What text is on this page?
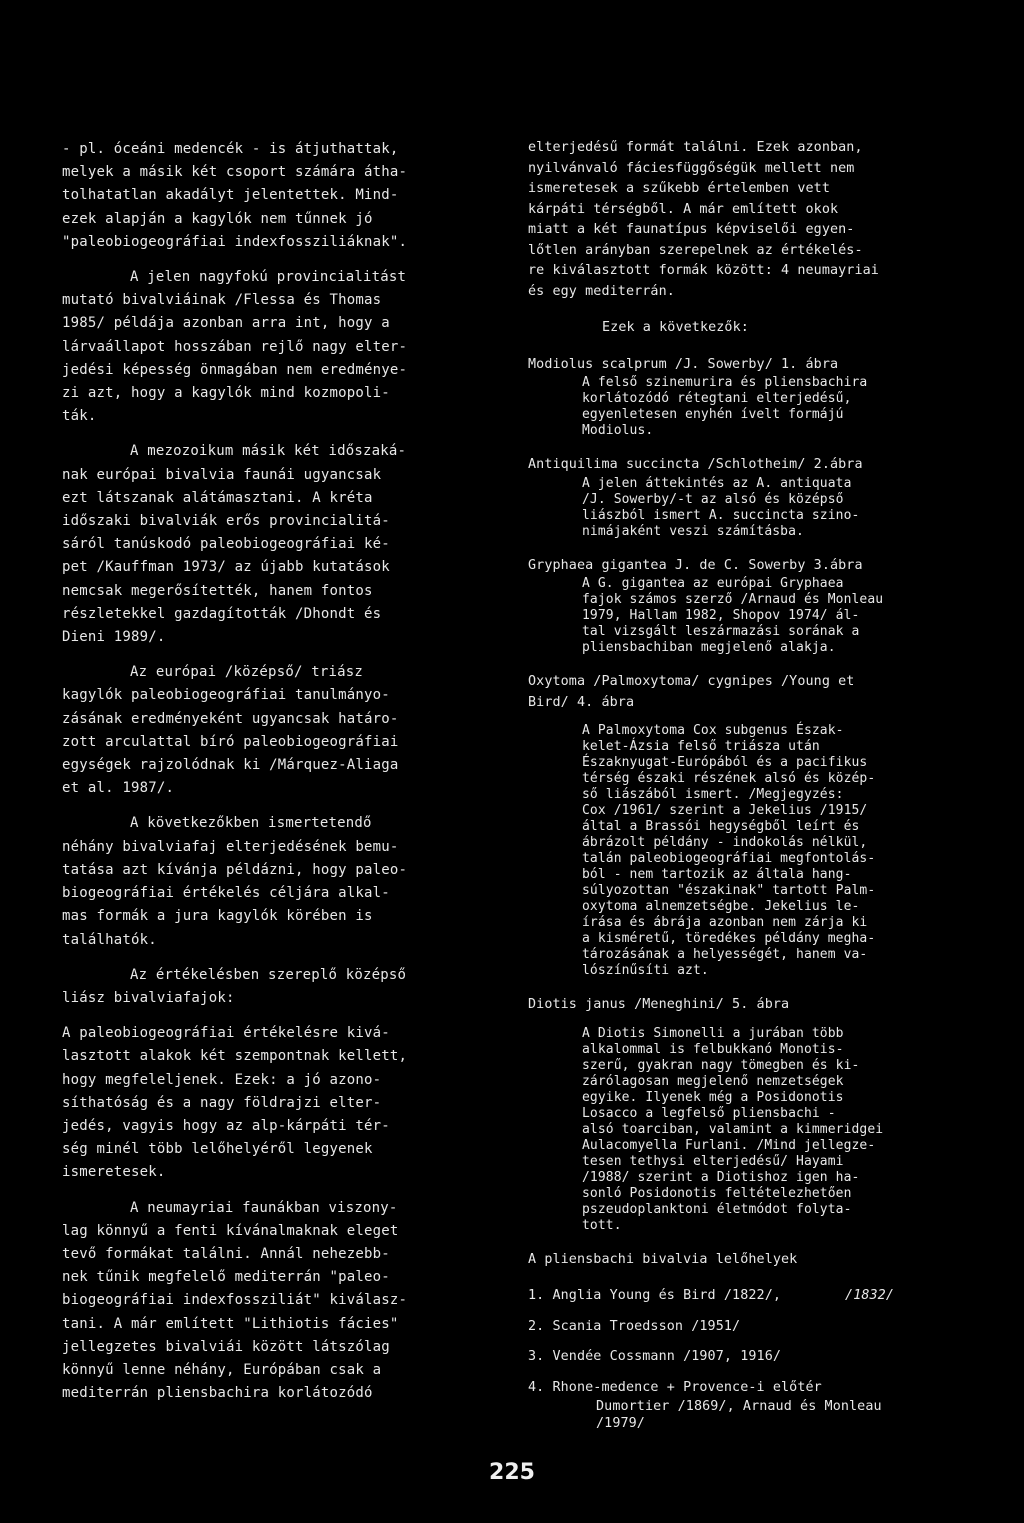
- pl. óceáni medencék - is átjuthattak,
melyek a másik két csoport számára átha-
tolhatatlan akadályt jelentettek. Mind-
ezek alapján a kagylók nem tűnnek jó
"paleobiogeográfiai indexfossziliáknak".

A jelen nagyfokú provincialitást
mutató bivalviáinak /Flessa és Thomas
1985/ példája azonban arra int, hogy a
lárvaállapot hosszában rejlő nagy elter-
jedési képesség önmagában nem eredménye-
zi azt, hogy a kagylók mind kozmopoli-
ták.

A mezozoikum másik két időszaká-
nak európai bivalvia faunái ugyancsak
ezt látszanak alátámasztani. A kréta
időszaki bivalviák erős provincialitá-
sáról tanúskodó paleobiogeográfiai ké-
pet /Kauffman 1973/ az újabb kutatások
nemcsak megerősítették, hanem fontos
részletekkel gazdagították /Dhondt és
Dieni 1989/.

Az európai /középső/ triász
kagylók paleobiogeográfiai tanulmányo-
zásának eredményeként ugyancsak határo-
zott arculattal bíró paleobiogeográfiai
egységek rajzolódnak ki /Márquez-Aliaga
et al. 1987/.

A következőkben ismertetendő
néhány bivalviafaj elterjedésének bemu-
tatása azt kívánja példázni, hogy paleo-
biogeográfiai értékelés céljára alkal-
mas formák a jura kagylók körében is
találhatók.

Az értékelésben szereplő középső
liász bivalviafajok:

A paleobiogeográfiai értékelésre kivá-
lasztott alakok két szempontnak kellett,
hogy megfeleljenek. Ezek: a jó azono-
síthatóság és a nagy földrajzi elter-
jedés, vagyis hogy az alp-kárpáti tér-
ség minél több lelőhelyéről legyenek
ismeretesek.

A neumayriai faunákban viszony-
lag könnyű a fenti kívánalmaknak eleget
tevő formákat találni. Annál nehezebb-
nek tűnik megfelelő mediterrán "paleo-
biogeográfiai indexfossziliát" kiválasz-
tani. A már említett "Lithiotis fácies"
jellegzetes bivalviái között látszólag
könnyű lenne néhány, Európában csak a
mediterrán pliensbachira korlátozódó

elterjedésű formát találni. Ezek azonban,
nyilvánvaló fáciesfüggőségük mellett nem
ismeretesek a szűkebb értelemben vett
kárpáti térségből. A már említett okok
miatt a két faunatípus képviselői egyen-
lőtlen arányban szerepelnek az értékelés-
re kiválasztott formák között: 4 neumayriai
és egy mediterrán.

Ezek a következők:

Modiolus scalprum /J. Sowerby/ 1. ábra

A felső szinemurira és pliensbachira
korlátozódó rétegtani elterjedésű,
egyenletesen enyhén ívelt formájú
Modiolus.

Antiquilima succincta /Schlotheim/ 2.ábra

A jelen áttekintés az A. antiquata
/J. Sowerby/-t az alsó és középső
liászból ismert A. succincta szino-
nimájaként veszi számításba.

Gryphaea gigantea J. de C. Sowerby 3.ábra

A G. gigantea az európai Gryphaea
fajok számos szerző /Arnaud és Monleau
1979, Hallam 1982, Shopov 1974/ ál-
tal vizsgált leszármazási sorának a
pliensbachiban megjelenő alakja.

Oxytoma /Palmoxytoma/ cygnipes /Young et
Bird/ 4. ábra

A Palmoxytoma Cox subgenus Észak-
kelet-Ázsia felső triásza után
Északnyugat-Európából és a pacifikus
térség északi részének alsó és közép-
ső liászából ismert. /Megjegyzés:
Cox /1961/ szerint a Jekelius /1915/
által a Brassói hegységből leírt és
ábrázolt példány - indokolás nélkül,
talán paleobiogeográfiai megfontolás-
ból - nem tartozik az általa hang-
súlyozottan "északinak" tartott Palm-
oxytoma alnemzetségbe. Jekelius le-
írása és ábrája azonban nem zárja ki
a kisméretű, töredékes példány megha-
tározásának a helyességét, hanem va-
lószínűsíti azt.

Diotis janus /Meneghini/ 5. ábra

A Diotis Simonelli a jurában több
alkalommal is felbukkanó Monotis-
szerű, gyakran nagy tömegben és ki-
zárólagosan megjelenő nemzetségek
egyike. Ilyenek még a Posidonotis
Losacco a legfelső pliensbachi -
alsó toarciban, valamint a kimmeridgei
Aulacomyella Furlani. /Mind jellegze-
tesen tethysi elterjedésű/ Hayami
/1988/ szerint a Diotishoz igen ha-
sonló Posidonotis feltételezhetően
pszeudoplanktoni életmódot folyta-
tott.

A pliensbachi bivalvia lelőhelyek

1. Anglia Young és Bird /1822/,	/1832/
2. Scania Troedsson /1951/
3. Vendée Cossmann /1907, 1916/
4. Rhone-medence + Provence-i előtér
Dumortier /1869/, Arnaud és Monleau
/1979/
225
